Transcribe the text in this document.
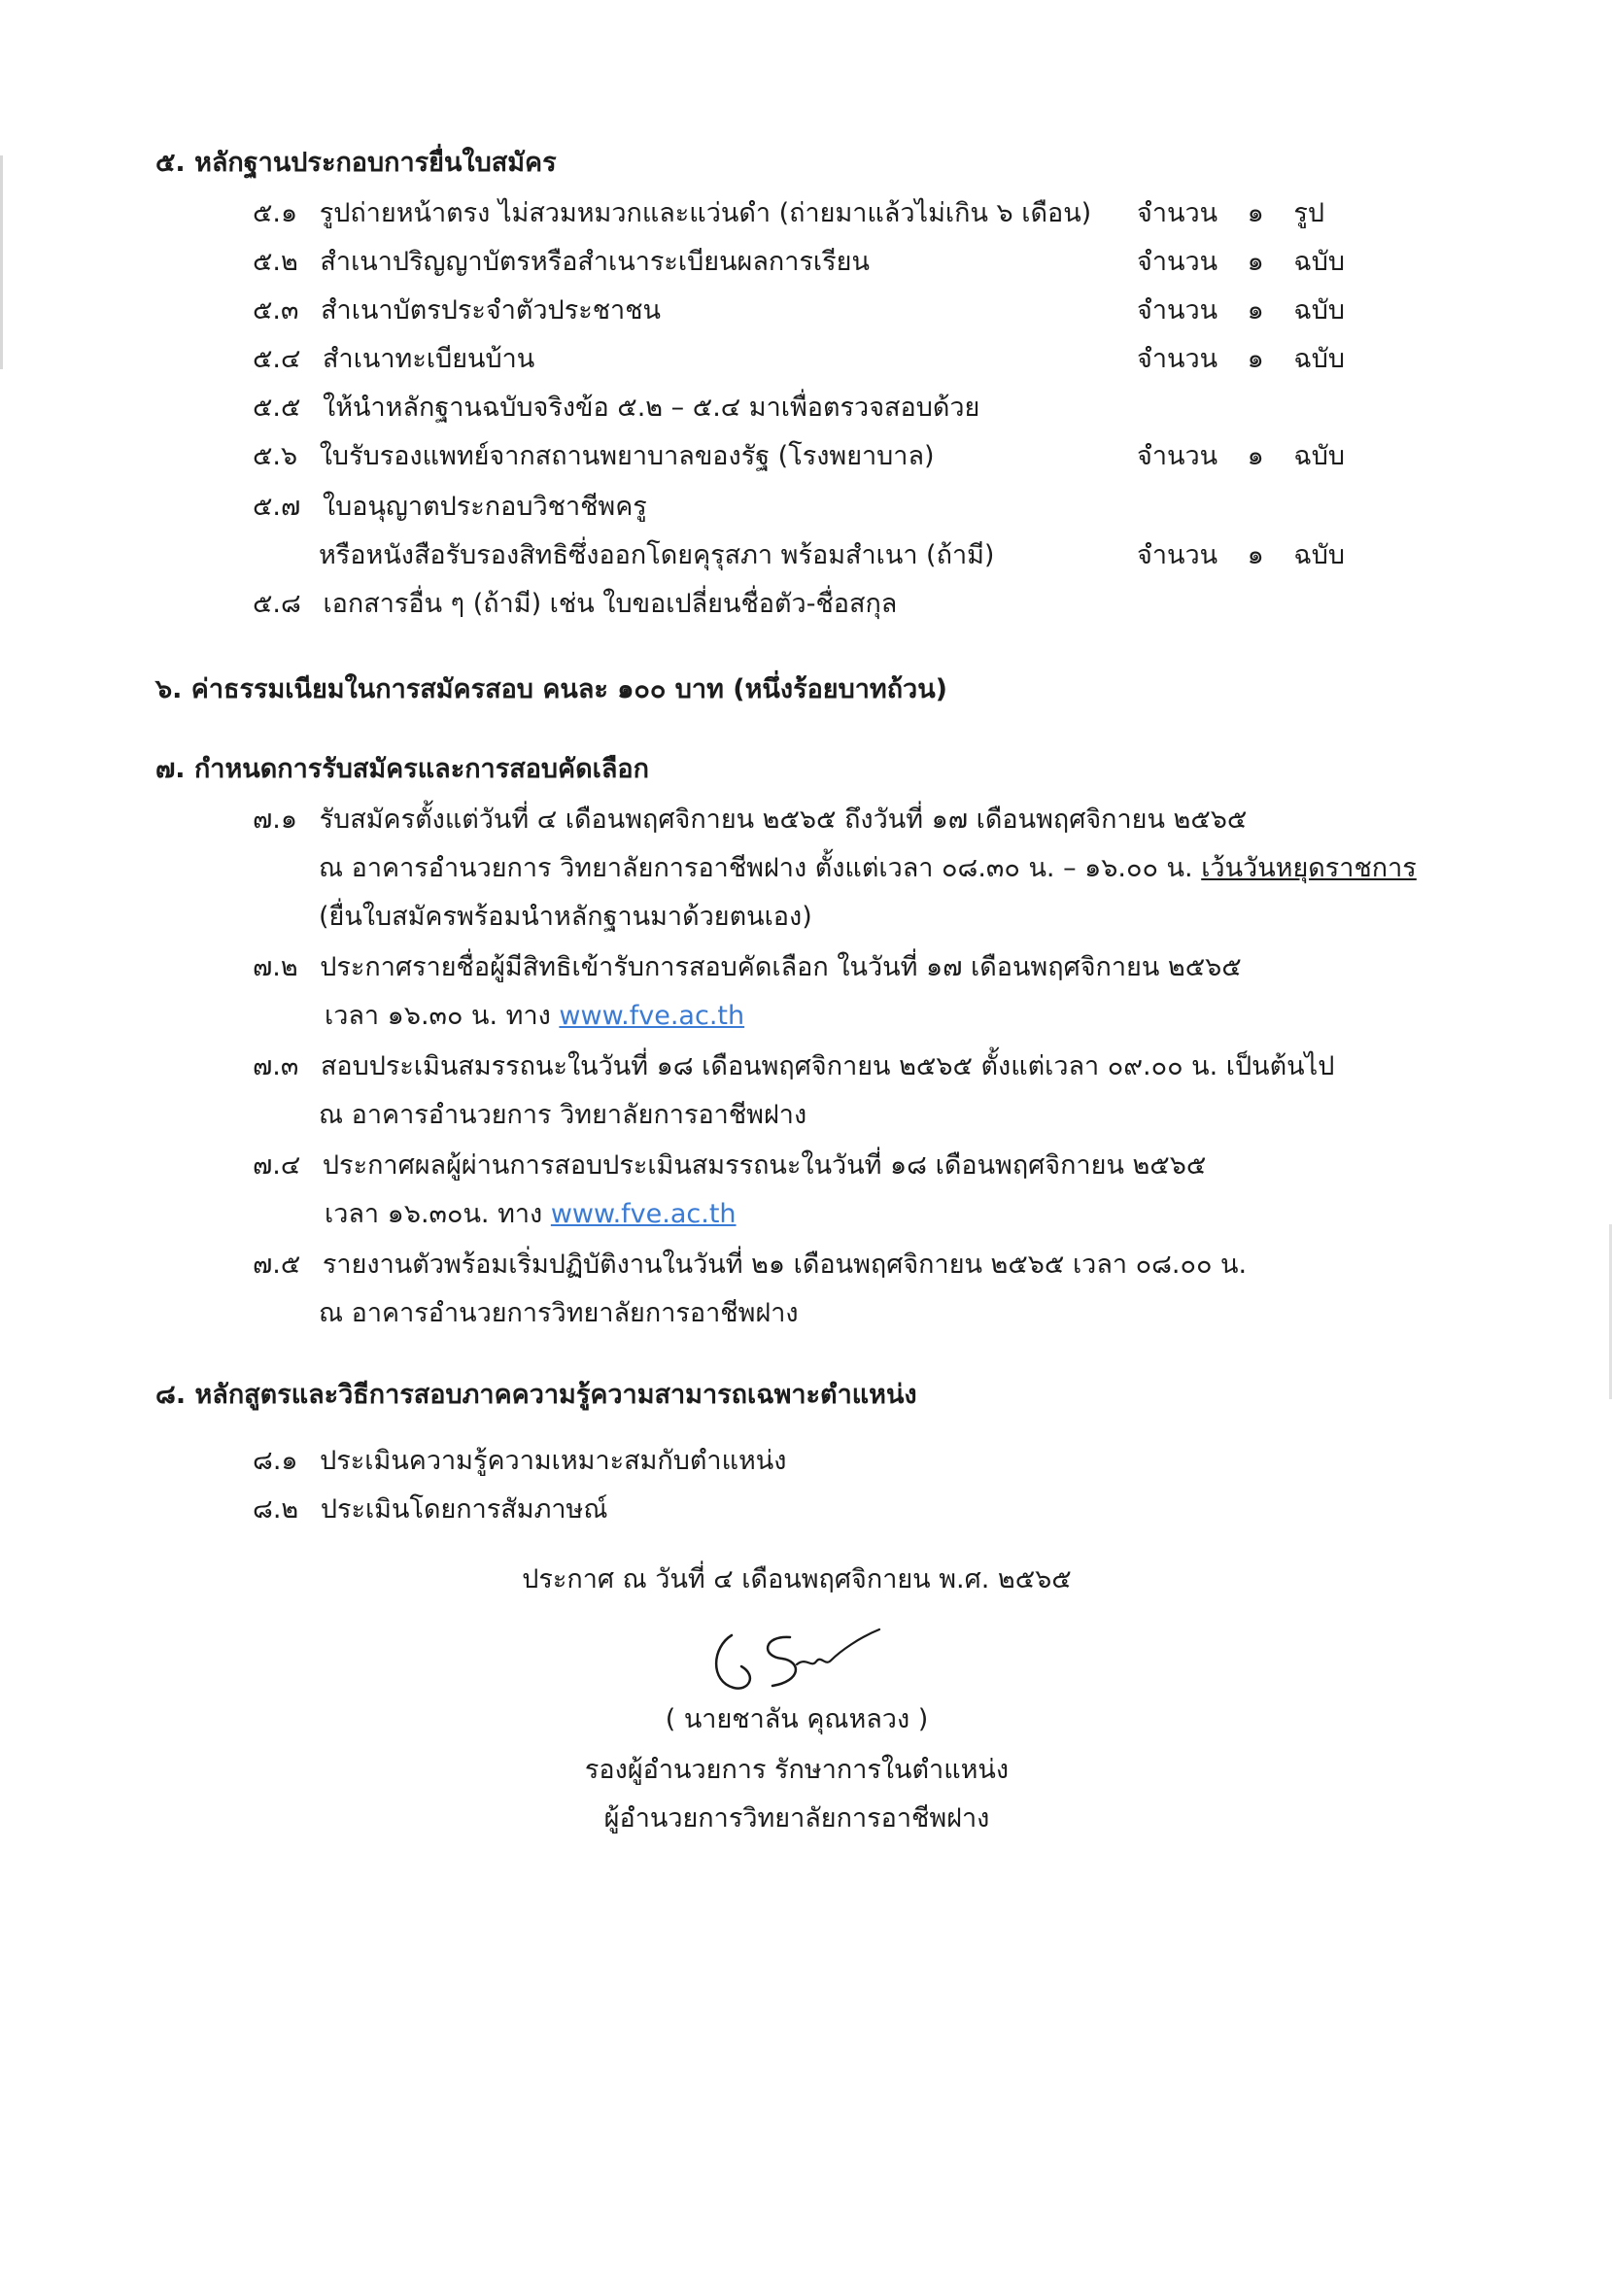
๕. หลักฐานประกอบการยื่นใบสมัคร
๕.๑ รูปถ่ายหน้าตรง ไม่สวมหมวกและแว่นดำ (ถ่ายมาแล้วไม่เกิน ๖ เดือน) จำนวน ๑ รูป
๕.๒ สำเนาปริญญาบัตรหรือสำเนาระเบียนผลการเรียน	จำนวน ๑ ฉบับ
๕.๓ สำเนาบัตรประจำตัวประชาชน	จำนวน ๑ ฉบับ
๕.๔ สำเนาทะเบียนบ้าน	จำนวน ๑ ฉบับ
๕.๕ ให้นำหลักฐานฉบับจริงข้อ ๕.๒ – ๕.๔ มาเพื่อตรวจสอบด้วย
๕.๖ ใบรับรองแพทย์จากสถานพยาบาลของรัฐ (โรงพยาบาล)	จำนวน ๑ ฉบับ
๕.๗ ใบอนุญาตประกอบวิชาชีพครู
หรือหนังสือรับรองสิทธิซึ่งออกโดยคุรุสภา พร้อมสำเนา (ถ้ามี)	จำนวน ๑ ฉบับ
๕.๘ เอกสารอื่น ๆ (ถ้ามี) เช่น ใบขอเปลี่ยนชื่อตัว-ชื่อสกุล
๖. ค่าธรรมเนียมในการสมัครสอบ คนละ ๑๐๐ บาท (หนึ่งร้อยบาทถ้วน)
๗. กำหนดการรับสมัครและการสอบคัดเลือก
๗.๑ รับสมัครตั้งแต่วันที่ ๔ เดือนพฤศจิกายน ๒๕๖๕ ถึงวันที่ ๑๗ เดือนพฤศจิกายน ๒๕๖๕
ณ อาคารอำนวยการ วิทยาลัยการอาชีพฝาง ตั้งแต่เวลา ๐๘.๓๐ น. – ๑๖.๐๐ น. เว้นวันหยุดราชการ
(ยื่นใบสมัครพร้อมนำหลักฐานมาด้วยตนเอง)
๗.๒ ประกาศรายชื่อผู้มีสิทธิเข้ารับการสอบคัดเลือก ในวันที่ ๑๗ เดือนพฤศจิกายน ๒๕๖๕
เวลา ๑๖.๓๐ น. ทาง www.fve.ac.th
๗.๓ สอบประเมินสมรรถนะในวันที่ ๑๘ เดือนพฤศจิกายน ๒๕๖๕ ตั้งแต่เวลา ๐๙.๐๐ น. เป็นต้นไป
ณ อาคารอำนวยการ วิทยาลัยการอาชีพฝาง
๗.๔ ประกาศผลผู้ผ่านการสอบประเมินสมรรถนะในวันที่ ๑๘ เดือนพฤศจิกายน ๒๕๖๕
เวลา ๑๖.๓๐น. ทาง www.fve.ac.th
๗.๕ รายงานตัวพร้อมเริ่มปฏิบัติงานในวันที่ ๒๑ เดือนพฤศจิกายน ๒๕๖๕ เวลา ๐๘.๐๐ น.
ณ อาคารอำนวยการวิทยาลัยการอาชีพฝาง
๘. หลักสูตรและวิธีการสอบภาคความรู้ความสามารถเฉพาะตำแหน่ง
๘.๑ ประเมินความรู้ความเหมาะสมกับตำแหน่ง
๘.๒ ประเมินโดยการสัมภาษณ์
ประกาศ ณ วันที่ ๔ เดือนพฤศจิกายน พ.ศ. ๒๕๖๕
( นายชาลัน คุณหลวง )
รองผู้อำนวยการ รักษาการในตำแหน่ง
ผู้อำนวยการวิทยาลัยการอาชีพฝาง
